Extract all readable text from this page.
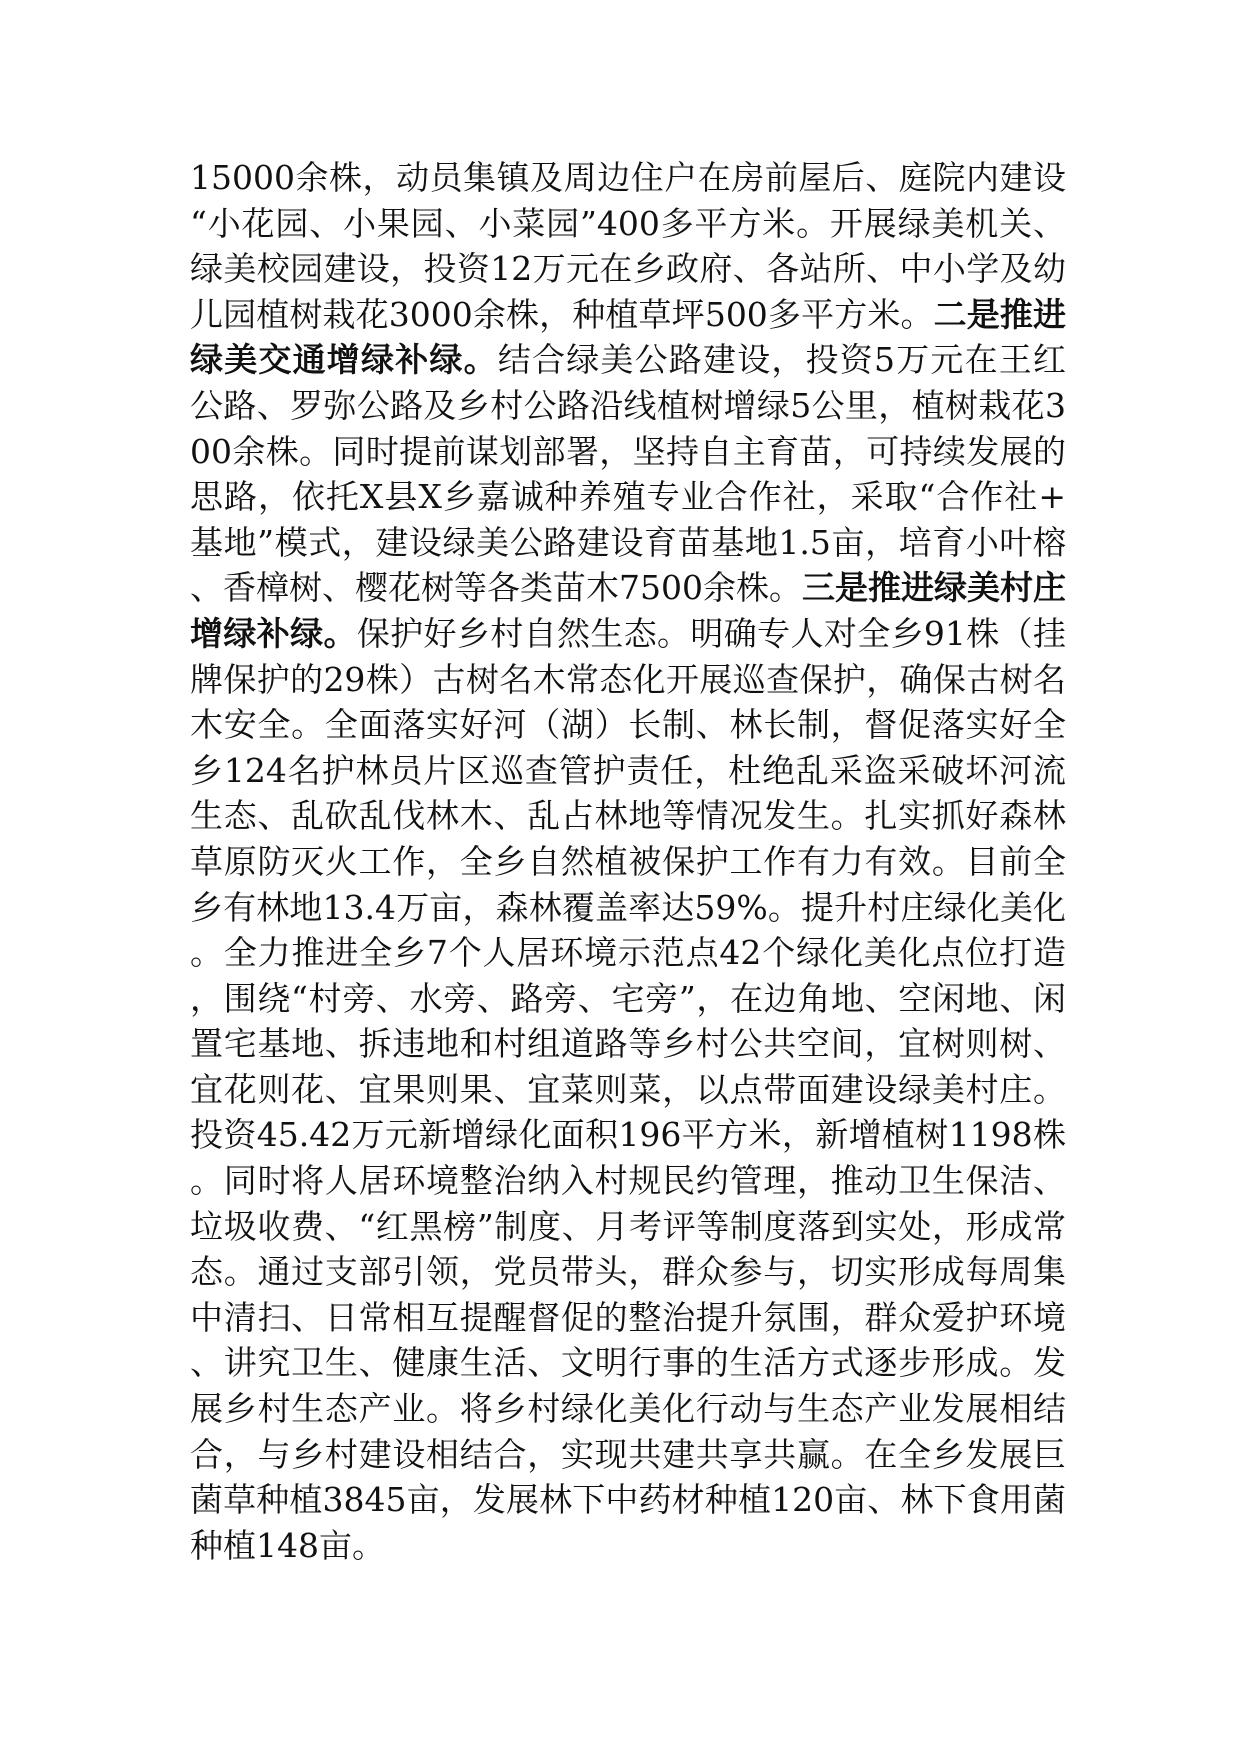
15000余株，动员集镇及周边住户在房前屋后、庭院内建设“小花园、小果园、小菜园”400多平方米。开展绿美机关、绿美校园建设，投资12万元在乡政府、各站所、中小学及幼儿园植树栽花3000余株，种植草坪500多平方米。二是推进绿美交通增绿补绿。结合绿美公路建设，投资5万元在王红公路、罗弥公路及乡村公路沿线植树增绿5公里，植树栽花300余株。同时提前谋划部署，坚持自主育苗，可持续发展的思路，依托X县X乡嘉诚种养殖专业合作社，采取“合作社+基地”模式，建设绿美公路建设育苗基地1.5亩，培育小叶榕、香樟树、樱花树等各类苗木7500余株。三是推进绿美村庄增绿补绿。保护好乡村自然生态。明确专人对全乡91株（挂牌保护的29株）古树名木常态化开展巡查保护，确保古树名木安全。全面落实好河（湖）长制、林长制，督促落实好全乡124名护林员片区巡查管护责任，杜绝乱采盗采破坏河流生态、乱砍乱伐林木、乱占林地等情况发生。扎实抓好森林草原防灭火工作，全乡自然植被保护工作有力有效。目前全乡有林地13.4万亩，森林覆盖率达59%。提升村庄绿化美化。全力推进全乡7个人居环境示范点42个绿化美化点位打造，围绕“村旁、水旁、路旁、宅旁”，在边角地、空闲地、闲置宅基地、拆违地和村组道路等乡村公共空间，宜树则树、宜花则花、宜果则果、宜菜则菜，以点带面建设绿美村庄。投资45.42万元新增绿化面积196平方米，新增植树1198株。同时将人居环境整治纳入村规民约管理，推动卫生保洁、垃圾收费、“红黑榜”制度、月考评等制度落到实处，形成常态。通过支部引领，党员带头，群众参与，切实形成每周集中清扫、日常相互提醒督促的整治提升氛围，群众爱护环境、讲究卫生、健康生活、文明行事的生活方式逐步形成。发展乡村生态产业。将乡村绿化美化行动与生态产业发展相结合，与乡村建设相结合，实现共建共享共赢。在全乡发展巨菌草种植3845亩，发展林下中药材种植120亩、林下食用菌种植148亩。
